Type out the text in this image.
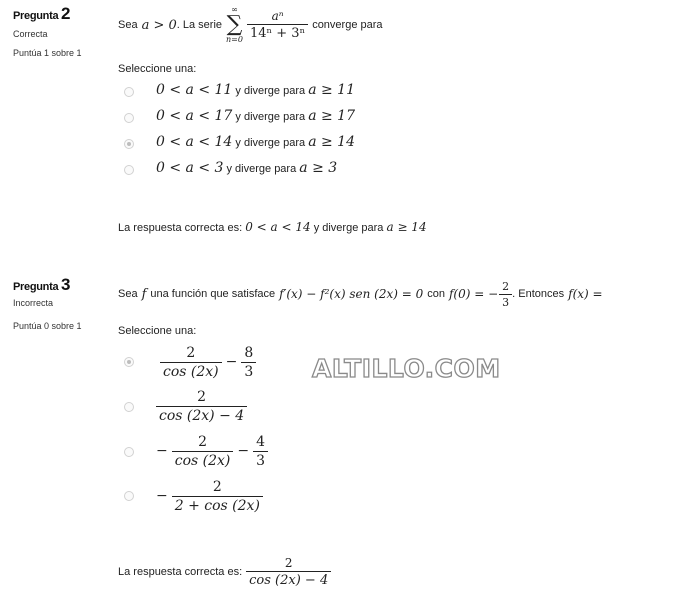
Pregunta 2
Correcta
Puntúa 1 sobre 1
Sea a > 0 . La serie
∞
∑
$n=0 \frac{\text{aⁿ}}{\text{14ⁿ + 3ⁿ}}$ converge para
Seleccione una:
0 < a < 11 y diverge para a ≥ 11
0 < a < 17 y diverge para a ≥ 17
0 < a < 14 y diverge para a ≥ 14
0 < a < 3 y diverge para a ≥ 3
La respuesta correcta es: 0 < a < 14 y diverge para a ≥ 14
Pregunta 3
Incorrecta
Puntúa 0 sobre 1
Sea f una función que satisface f′(x) − f²(x) sen (2x) = 0 con f(0) = − $\frac{2}{3}$ . Entonces f(x) =
Seleccione una:
$\frac{2}{\cos (2x)} - \frac{8}{3}$
$\frac{2}{\cos (2x) - 4}$
− $\frac{2}{\cos (2x)} - \frac{4}{3}$
− $\frac{2}{2 + \cos (2x)}$
La respuesta correcta es: $\frac{2}{\cos (2x) - 4}$
ALTILLO.COM
